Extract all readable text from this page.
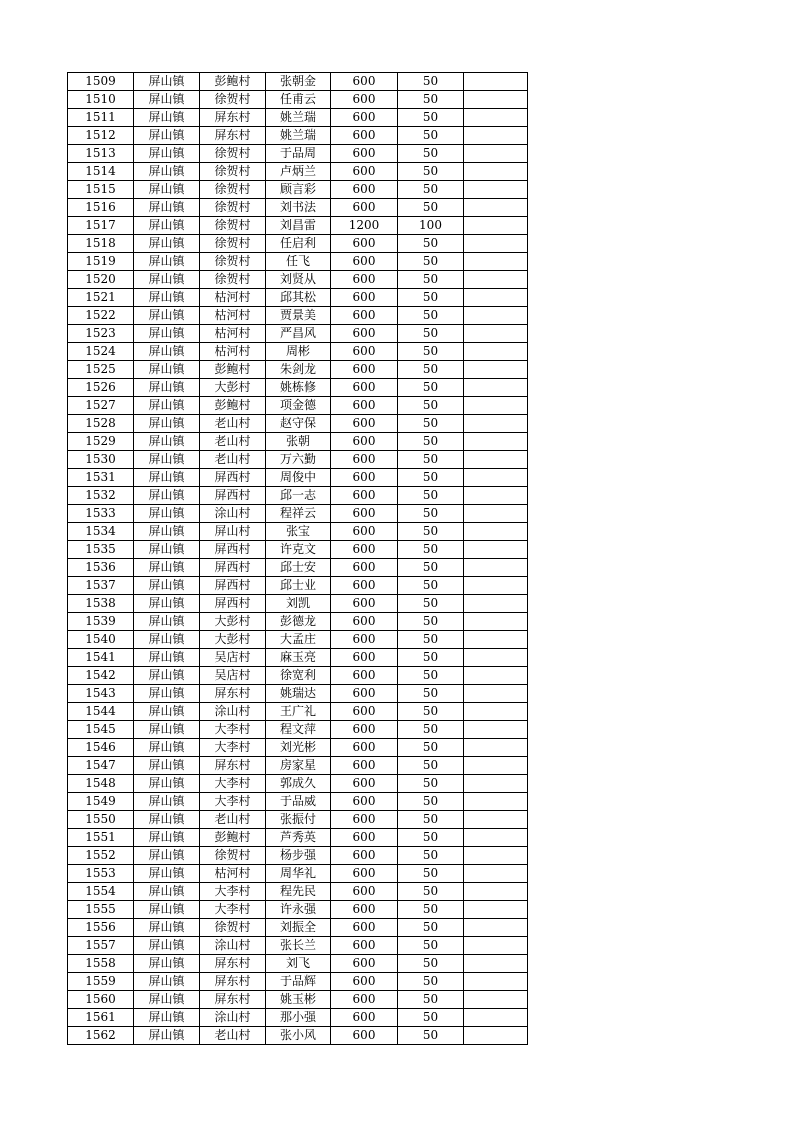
1509	屏山镇	彭鲍村	张朝金	600	50	
1510	屏山镇	徐贺村	任甫云	600	50	
1511	屏山镇	屏东村	姚兰瑞	600	50	
1512	屏山镇	屏东村	姚兰瑞	600	50	
1513	屏山镇	徐贺村	于品周	600	50	
1514	屏山镇	徐贺村	卢炳兰	600	50	
1515	屏山镇	徐贺村	顾言彩	600	50	
1516	屏山镇	徐贺村	刘书法	600	50	
1517	屏山镇	徐贺村	刘昌雷	1200	100	
1518	屏山镇	徐贺村	任启利	600	50	
1519	屏山镇	徐贺村	任飞	600	50	
1520	屏山镇	徐贺村	刘贤从	600	50	
1521	屏山镇	枯河村	邱其松	600	50	
1522	屏山镇	枯河村	贾景美	600	50	
1523	屏山镇	枯河村	严昌风	600	50	
1524	屏山镇	枯河村	周彬	600	50	
1525	屏山镇	彭鲍村	朱剑龙	600	50	
1526	屏山镇	大彭村	姚栋修	600	50	
1527	屏山镇	彭鲍村	项金德	600	50	
1528	屏山镇	老山村	赵守保	600	50	
1529	屏山镇	老山村	张朝	600	50	
1530	屏山镇	老山村	万六勤	600	50	
1531	屏山镇	屏西村	周俊中	600	50	
1532	屏山镇	屏西村	邱一志	600	50	
1533	屏山镇	涂山村	程祥云	600	50	
1534	屏山镇	屏山村	张宝	600	50	
1535	屏山镇	屏西村	许克文	600	50	
1536	屏山镇	屏西村	邱士安	600	50	
1537	屏山镇	屏西村	邱士业	600	50	
1538	屏山镇	屏西村	刘凯	600	50	
1539	屏山镇	大彭村	彭德龙	600	50	
1540	屏山镇	大彭村	大孟庄	600	50	
1541	屏山镇	吴店村	麻玉亮	600	50	
1542	屏山镇	吴店村	徐宽利	600	50	
1543	屏山镇	屏东村	姚瑞达	600	50	
1544	屏山镇	涂山村	王广礼	600	50	
1545	屏山镇	大李村	程文萍	600	50	
1546	屏山镇	大李村	刘光彬	600	50	
1547	屏山镇	屏东村	房家星	600	50	
1548	屏山镇	大李村	郭成久	600	50	
1549	屏山镇	大李村	于品威	600	50	
1550	屏山镇	老山村	张振付	600	50	
1551	屏山镇	彭鲍村	芦秀英	600	50	
1552	屏山镇	徐贺村	杨步强	600	50	
1553	屏山镇	枯河村	周华礼	600	50	
1554	屏山镇	大李村	程先民	600	50	
1555	屏山镇	大李村	许永强	600	50	
1556	屏山镇	徐贺村	刘振全	600	50	
1557	屏山镇	涂山村	张长兰	600	50	
1558	屏山镇	屏东村	刘飞	600	50	
1559	屏山镇	屏东村	于品辉	600	50	
1560	屏山镇	屏东村	姚玉彬	600	50	
1561	屏山镇	涂山村	那小强	600	50	
1562	屏山镇	老山村	张小风	600	50	
